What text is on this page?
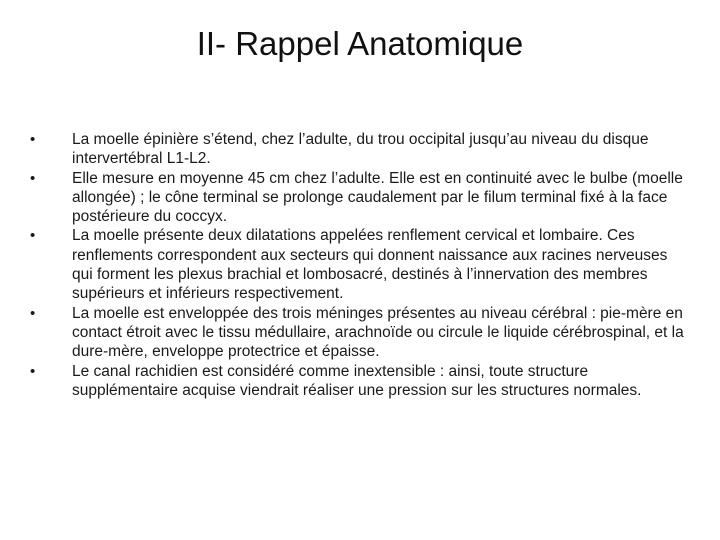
II- Rappel Anatomique
•	La moelle épinière s’étend, chez l’adulte, du trou occipital jusqu’au niveau du disque intervertébral L1-L2.
•	Elle mesure en moyenne 45 cm chez l’adulte. Elle est en continuité avec le bulbe (moelle allongée) ; le cône terminal se prolonge caudalement par le filum terminal fixé à la face postérieure du coccyx.
•	La moelle présente deux dilatations appelées renflement cervical et lombaire. Ces renflements correspondent aux secteurs qui donnent naissance aux racines nerveuses qui forment les plexus brachial et lombosacré, destinés à l’innervation des membres supérieurs et inférieurs respectivement.
•	La moelle est enveloppée des trois méninges présentes au niveau cérébral : pie-mère en contact étroit avec le tissu médullaire, arachnoïde ou circule le liquide cérébrospinal, et la dure-mère, enveloppe protectrice et épaisse.
•	Le canal rachidien est considéré comme inextensible : ainsi, toute structure supplémentaire acquise viendrait réaliser une pression sur les structures normales.
